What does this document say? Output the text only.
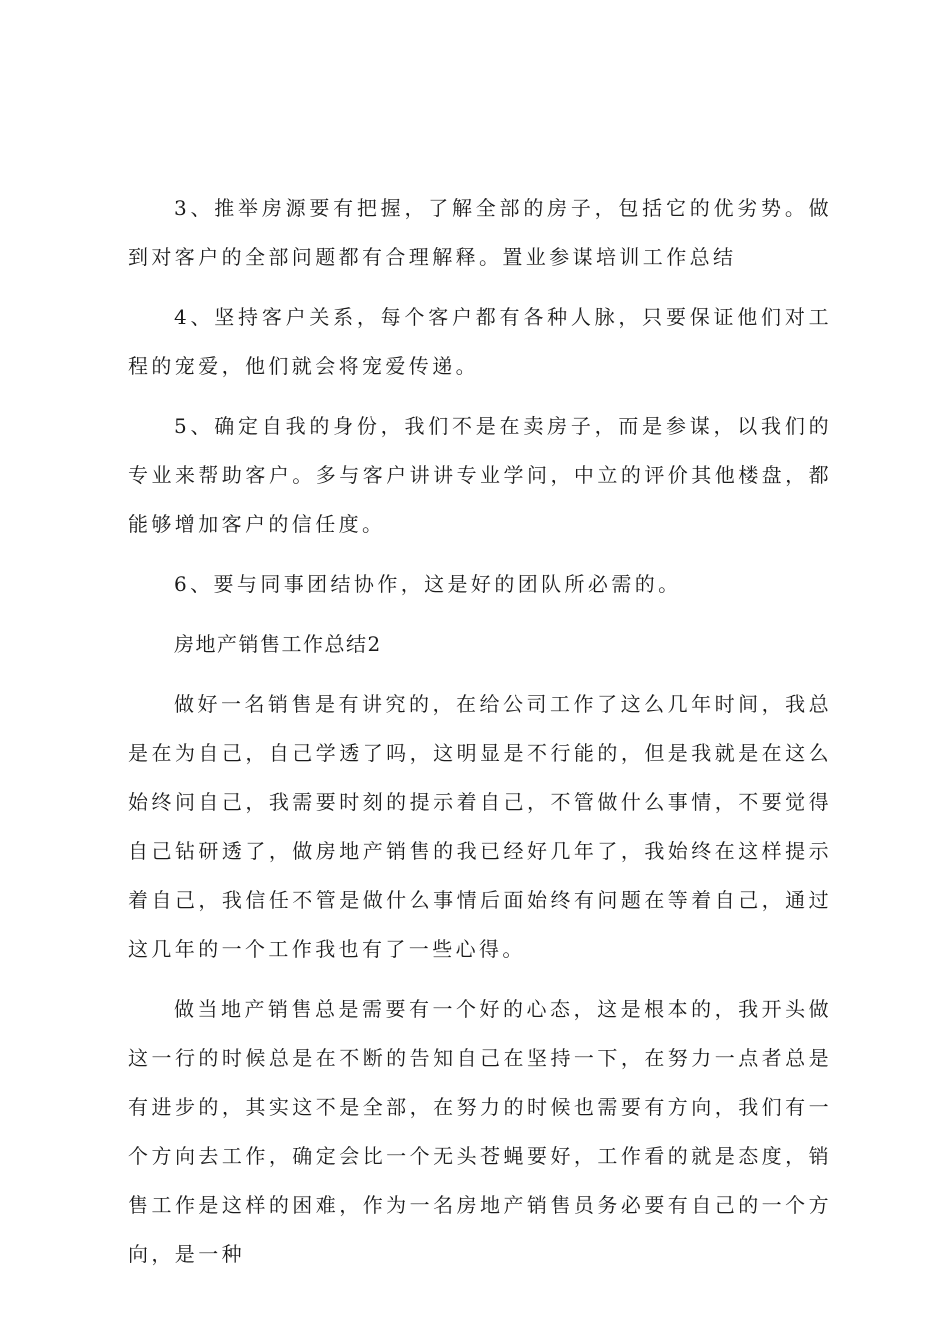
3、推举房源要有把握，了解全部的房子，包括它的优劣势。做到对客户的全部问题都有合理解释。置业参谋培训工作总结

4、坚持客户关系，每个客户都有各种人脉，只要保证他们对工程的宠爱，他们就会将宠爱传递。

5、确定自我的身份，我们不是在卖房子，而是参谋，以我们的专业来帮助客户。多与客户讲讲专业学问，中立的评价其他楼盘，都能够增加客户的信任度。

6、要与同事团结协作，这是好的团队所必需的。

房地产销售工作总结2

做好一名销售是有讲究的，在给公司工作了这么几年时间，我总是在为自己，自己学透了吗，这明显是不行能的，但是我就是在这么始终问自己，我需要时刻的提示着自己，不管做什么事情，不要觉得自己钻研透了，做房地产销售的我已经好几年了，我始终在这样提示着自己，我信任不管是做什么事情后面始终有问题在等着自己，通过这几年的一个工作我也有了一些心得。

做当地产销售总是需要有一个好的心态，这是根本的，我开头做这一行的时候总是在不断的告知自己在坚持一下，在努力一点者总是有进步的，其实这不是全部，在努力的时候也需要有方向，我们有一个方向去工作，确定会比一个无头苍蝇要好，工作看的就是态度，销售工作是这样的困难，作为一名房地产销售员务必要有自己的一个方向，是一种
